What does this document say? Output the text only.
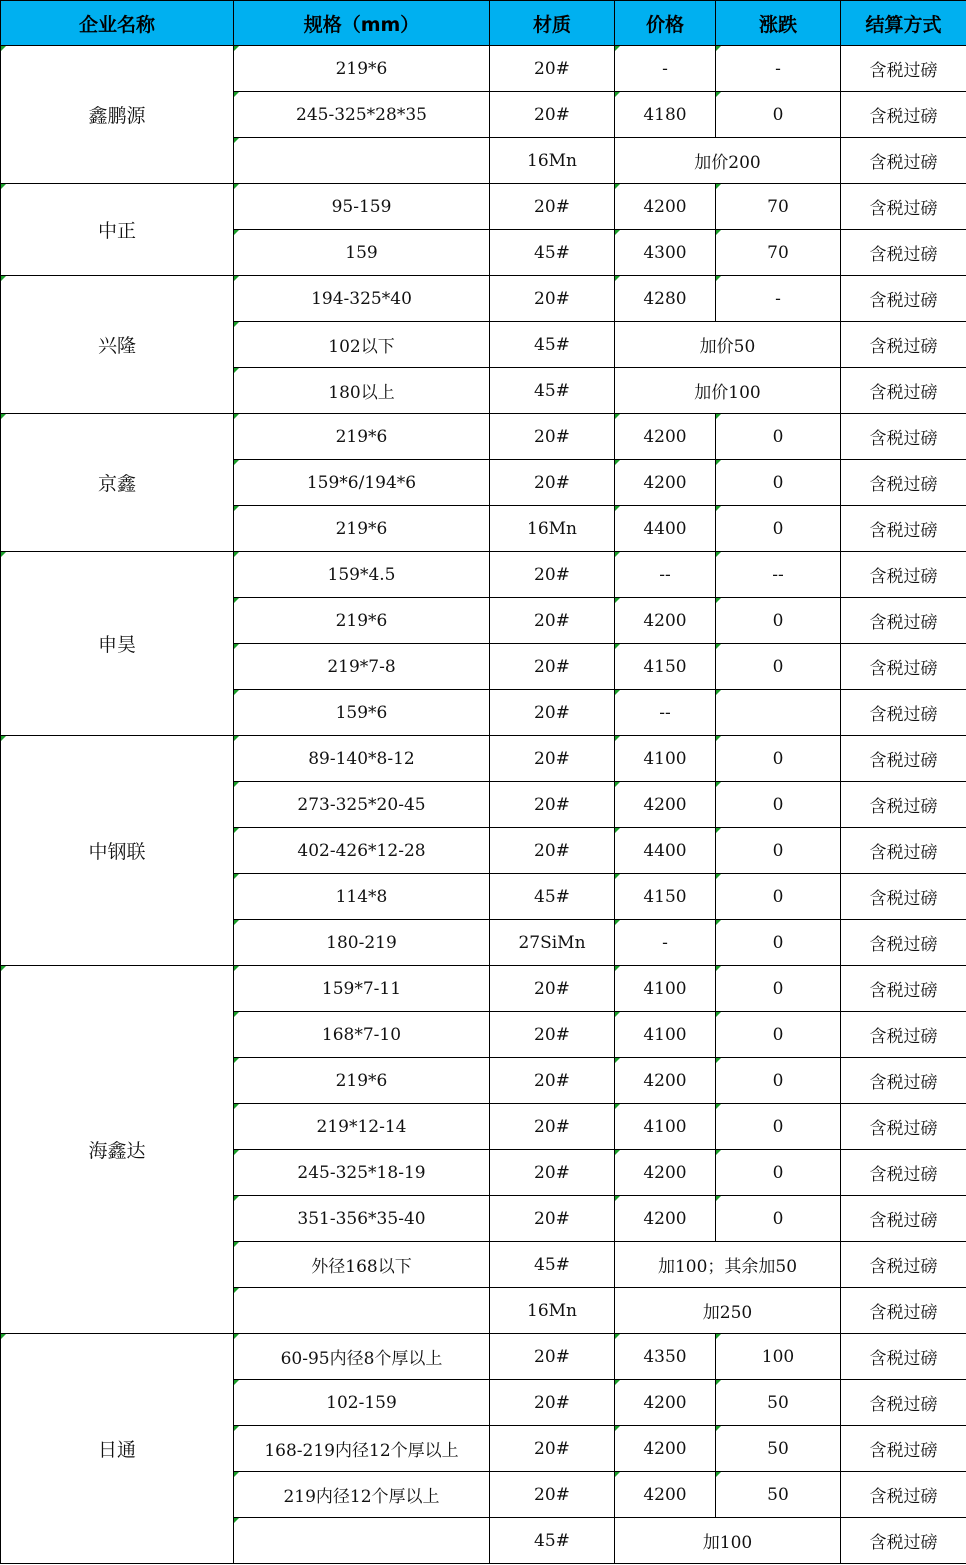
企业名称	规格（mm）	材质	价格	涨跌	结算方式
鑫鹏源	219*6	20#	-	-	含税过磅
	245-325*28*35	20#	4180	0	含税过磅
		16Mn	加价200		含税过磅
中正	95-159	20#	4200	70	含税过磅
	159	45#	4300	70	含税过磅
兴隆	194-325*40	20#	4280	-	含税过磅
	102以下	45#	加价50		含税过磅
	180以上	45#	加价100		含税过磅
京鑫	219*6	20#	4200	0	含税过磅
	159*6/194*6	20#	4200	0	含税过磅
	219*6	16Mn	4400	0	含税过磅
申昊	159*4.5	20#	--	--	含税过磅
	219*6	20#	4200	0	含税过磅
	219*7-8	20#	4150	0	含税过磅
	159*6	20#	--		含税过磅
中钢联	89-140*8-12	20#	4100	0	含税过磅
	273-325*20-45	20#	4200	0	含税过磅
	402-426*12-28	20#	4400	0	含税过磅
	114*8	45#	4150	0	含税过磅
	180-219	27SiMn	-	0	含税过磅
海鑫达	159*7-11	20#	4100	0	含税过磅
	168*7-10	20#	4100	0	含税过磅
	219*6	20#	4200	0	含税过磅
	219*12-14	20#	4100	0	含税过磅
	245-325*18-19	20#	4200	0	含税过磅
	351-356*35-40	20#	4200	0	含税过磅
	外径168以下	45#	加100；其余加50		含税过磅
		16Mn	加250		含税过磅
日通	60-95内径8个厚以上	20#	4350	100	含税过磅
	102-159	20#	4200	50	含税过磅
	168-219内径12个厚以上	20#	4200	50	含税过磅
	219内径12个厚以上	20#	4200	50	含税过磅
		45#	加100		含税过磅
